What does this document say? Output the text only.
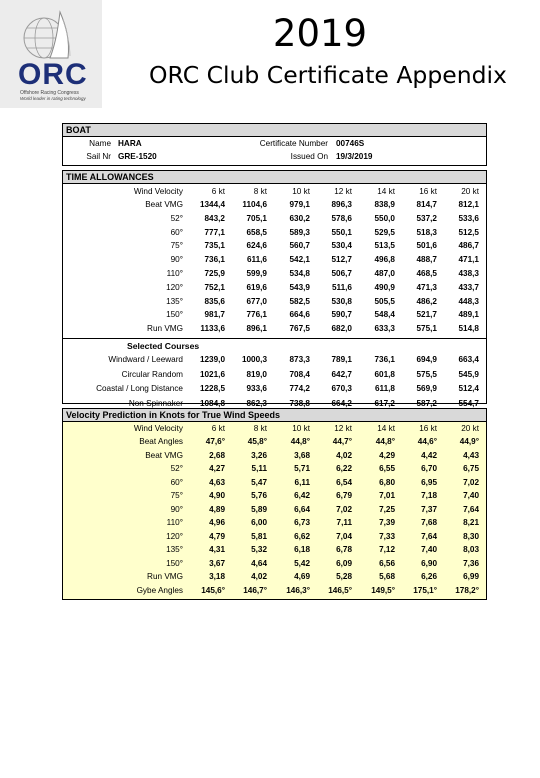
ORC
Offshore Racing Congress
World leader in rating technology
2019
ORC Club Certificate Appendix
BOAT
Name HARA	Certificate Number 00746S
Sail Nr GRE-1520	Issued On 19/3/2019
TIME ALLOWANCES
Wind Velocity	6 kt	8 kt	10 kt	12 kt	14 kt	16 kt	20 kt
Beat VMG	1344,4	1104,6	979,1	896,3	838,9	814,7	812,1
52°	843,2	705,1	630,2	578,6	550,0	537,2	533,6
60°	777,1	658,5	589,3	550,1	529,5	518,3	512,5
75°	735,1	624,6	560,7	530,4	513,5	501,6	486,7
90°	736,1	611,6	542,1	512,7	496,8	488,7	471,1
110°	725,9	599,9	534,8	506,7	487,0	468,5	438,3
120°	752,1	619,6	543,9	511,6	490,9	471,3	433,7
135°	835,6	677,0	582,5	530,8	505,5	486,2	448,3
150°	981,7	776,1	664,6	590,7	548,4	521,7	489,1
Run VMG	1133,6	896,1	767,5	682,0	633,3	575,1	514,8
Selected Courses
Windward / Leeward	1239,0	1000,3	873,3	789,1	736,1	694,9	663,4
Circular Random	1021,6	819,0	708,4	642,7	601,8	575,5	545,9
Coastal / Long Distance	1228,5	933,6	774,2	670,3	611,8	569,9	512,4
Non Spinnaker	1084,8	862,3	738,8	664,2	617,2	587,2	554,7
Velocity Prediction in Knots for True Wind Speeds
Wind Velocity	6 kt	8 kt	10 kt	12 kt	14 kt	16 kt	20 kt
Beat Angles	47,6°	45,8°	44,8°	44,7°	44,8°	44,6°	44,9°
Beat VMG	2,68	3,26	3,68	4,02	4,29	4,42	4,43
52°	4,27	5,11	5,71	6,22	6,55	6,70	6,75
60°	4,63	5,47	6,11	6,54	6,80	6,95	7,02
75°	4,90	5,76	6,42	6,79	7,01	7,18	7,40
90°	4,89	5,89	6,64	7,02	7,25	7,37	7,64
110°	4,96	6,00	6,73	7,11	7,39	7,68	8,21
120°	4,79	5,81	6,62	7,04	7,33	7,64	8,30
135°	4,31	5,32	6,18	6,78	7,12	7,40	8,03
150°	3,67	4,64	5,42	6,09	6,56	6,90	7,36
Run VMG	3,18	4,02	4,69	5,28	5,68	6,26	6,99
Gybe Angles	145,6°	146,7°	146,3°	146,5°	149,5°	175,1°	178,2°
